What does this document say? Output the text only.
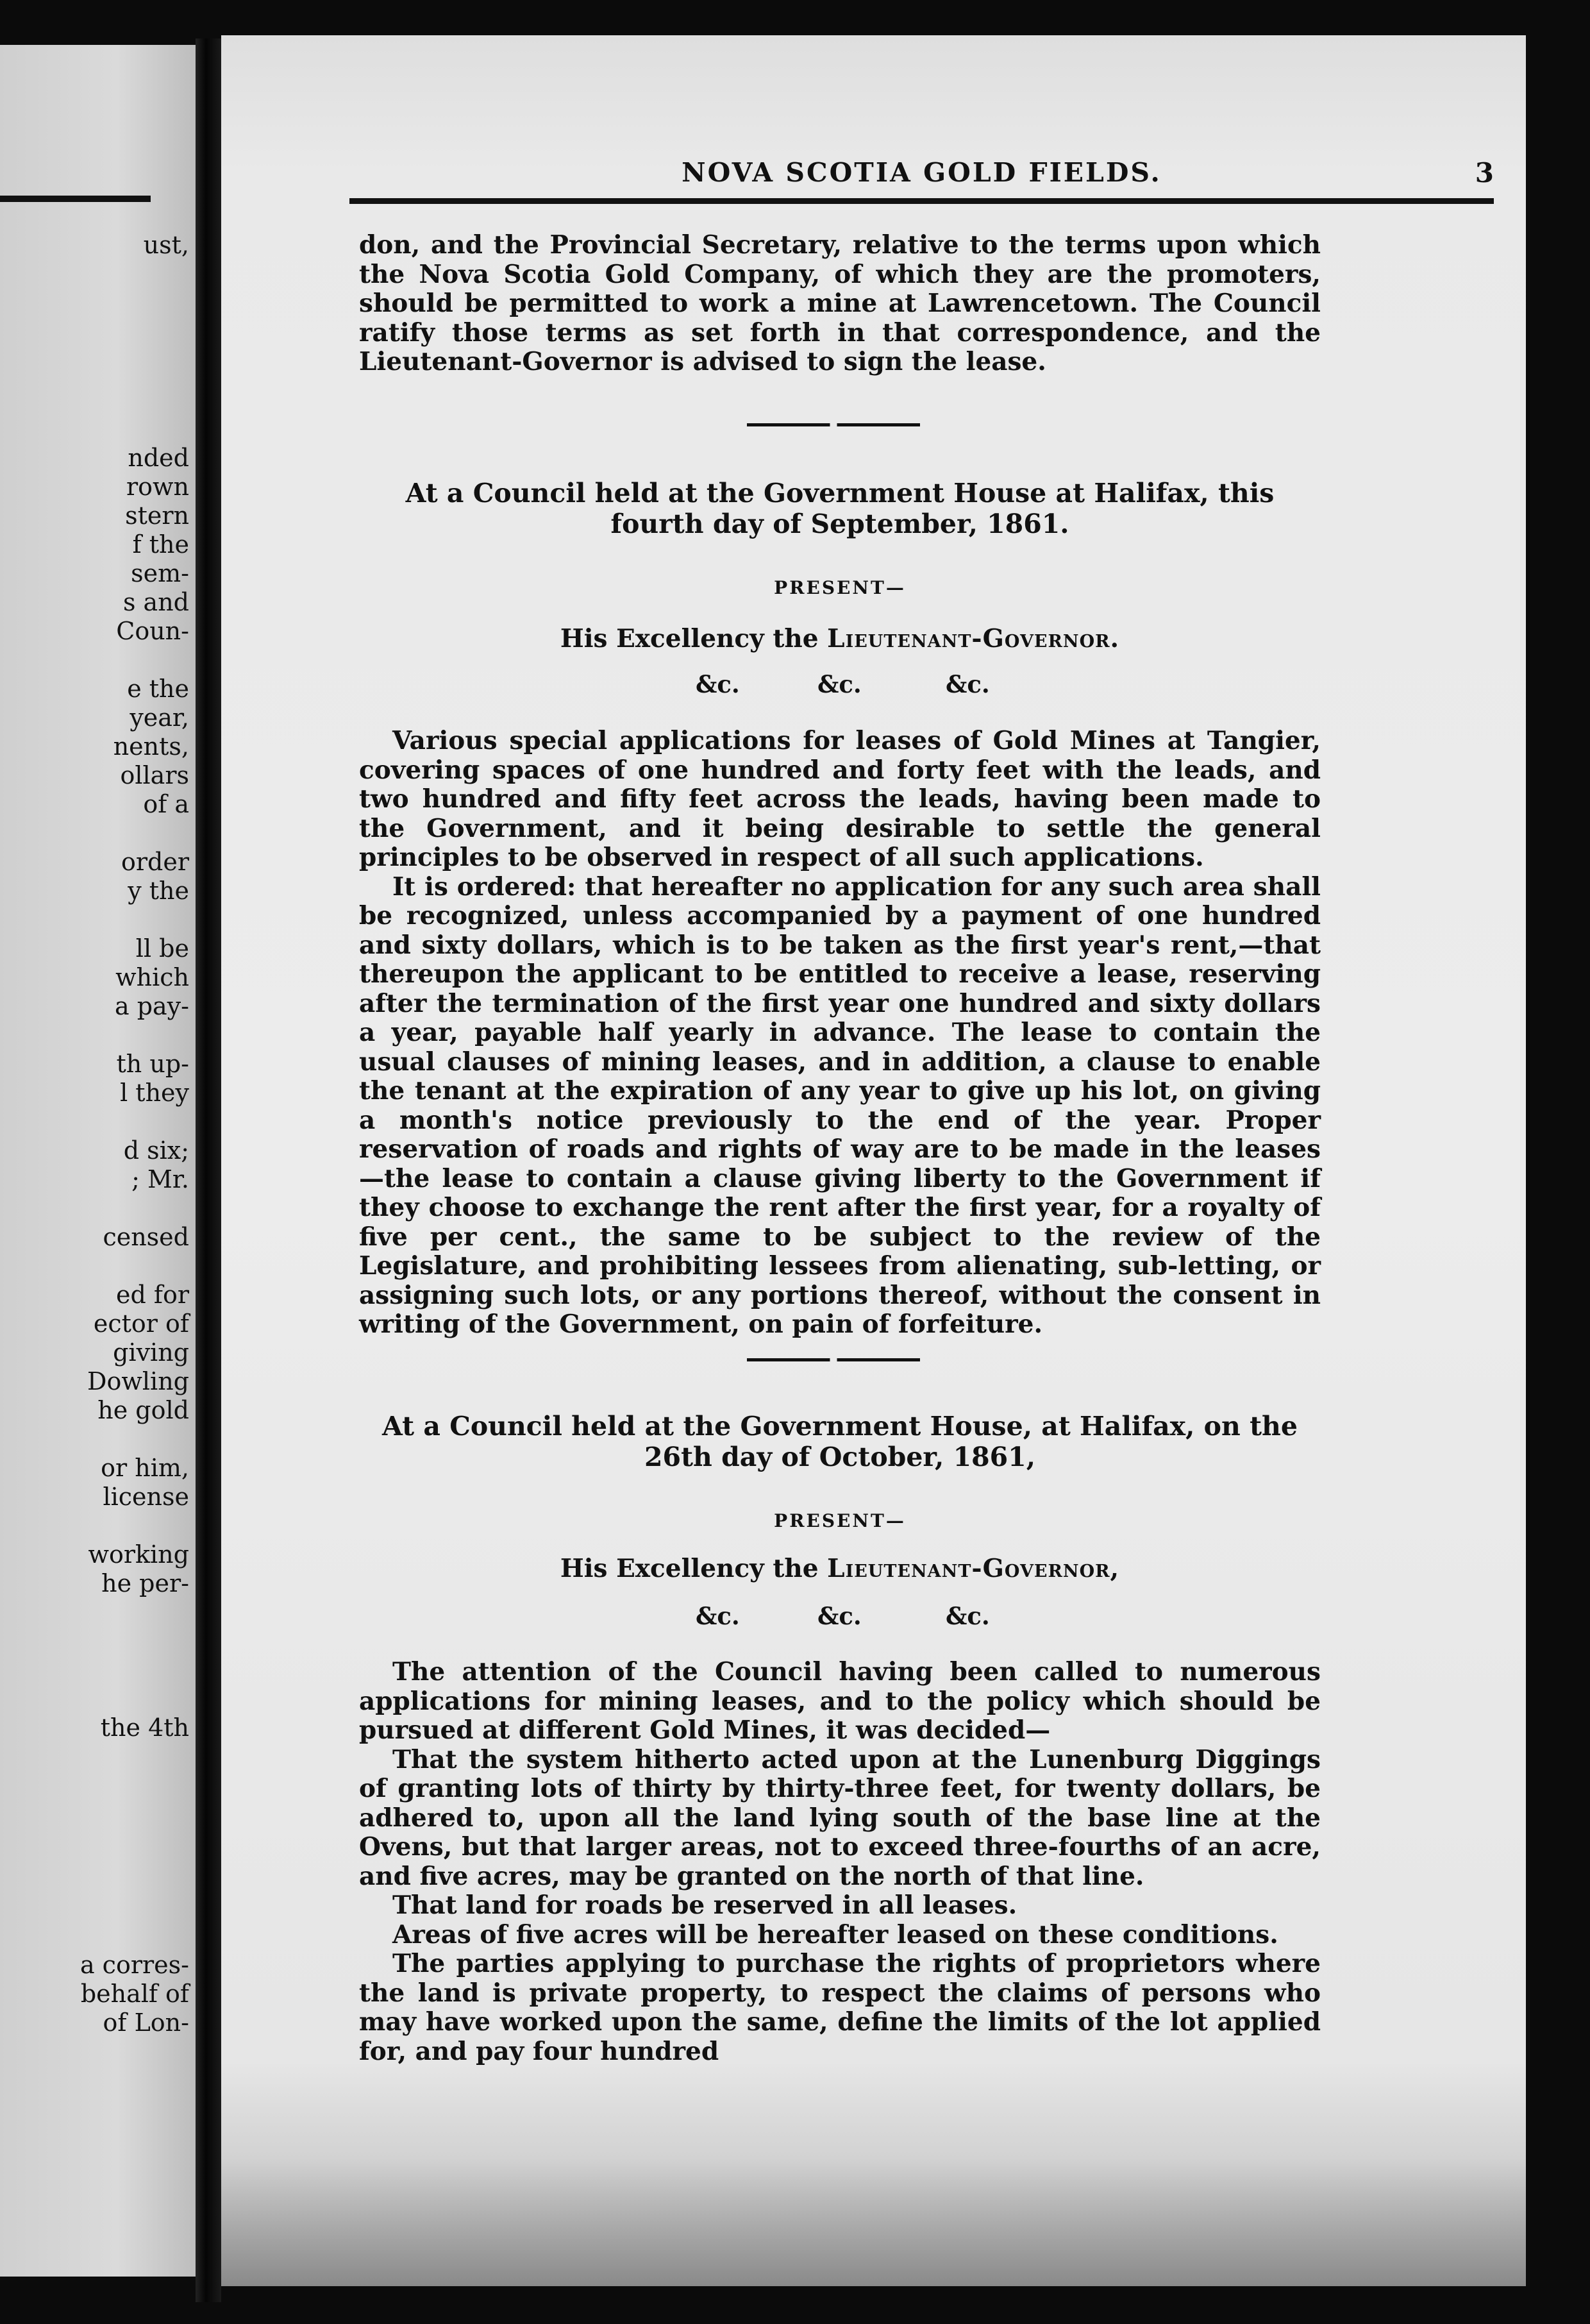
ust,
nded
rown
stern
f the
sem-
s and
Coun-
e the
year,
nents,
ollars
of a
order
y the
ll be
which
a pay-
th up-
l they
d six;
; Mr.
censed
ed for
ector of
giving
Dowling
he gold
or him,
license
working
he per-
the 4th
a corres-
behalf of
of Lon-
NOVA SCOTIA GOLD FIELDS.	3

don, and the Provincial Secretary, relative to the terms upon which the Nova Scotia Gold Company, of which they are the promoters, should be permitted to work a mine at Lawrencetown. The Council ratify those terms as set forth in that correspondence, and the Lieutenant-Governor is advised to sign the lease.

At a Council held at the Government House at Halifax, this fourth day of September, 1861.
PRESENT—
His Excellency the Lieutenant-Governor.
&c.	&c.	&c.

Various special applications for leases of Gold Mines at Tangier, covering spaces of one hundred and forty feet with the leads, and two hundred and fifty feet across the leads, having been made to the Government, and it being desirable to settle the general principles to be observed in respect of all such applications.

It is ordered: that hereafter no application for any such area shall be recognized, unless accompanied by a payment of one hundred and sixty dollars, which is to be taken as the first year's rent,—that thereupon the applicant to be entitled to receive a lease, reserving after the termination of the first year one hundred and sixty dollars a year, payable half yearly in advance. The lease to contain the usual clauses of mining leases, and in addition, a clause to enable the tenant at the expiration of any year to give up his lot, on giving a month's notice previously to the end of the year. Proper reservation of roads and rights of way are to be made in the leases —the lease to contain a clause giving liberty to the Government if they choose to exchange the rent after the first year, for a royalty of five per cent., the same to be subject to the review of the Legislature, and prohibiting lessees from alienating, sub-letting, or assigning such lots, or any portions thereof, without the consent in writing of the Government, on pain of forfeiture.

At a Council held at the Government House, at Halifax, on the 26th day of October, 1861,
PRESENT—
His Excellency the Lieutenant-Governor,
&c.	&c.	&c.

The attention of the Council having been called to numerous applications for mining leases, and to the policy which should be pursued at different Gold Mines, it was decided—

That the system hitherto acted upon at the Lunenburg Diggings of granting lots of thirty by thirty-three feet, for twenty dollars, be adhered to, upon all the land lying south of the base line at the Ovens, but that larger areas, not to exceed three-fourths of an acre, and five acres, may be granted on the north of that line.

That land for roads be reserved in all leases.

Areas of five acres will be hereafter leased on these conditions.

The parties applying to purchase the rights of proprietors where the land is private property, to respect the claims of persons who may have worked upon the same, define the limits of the lot applied for, and pay four hundred
